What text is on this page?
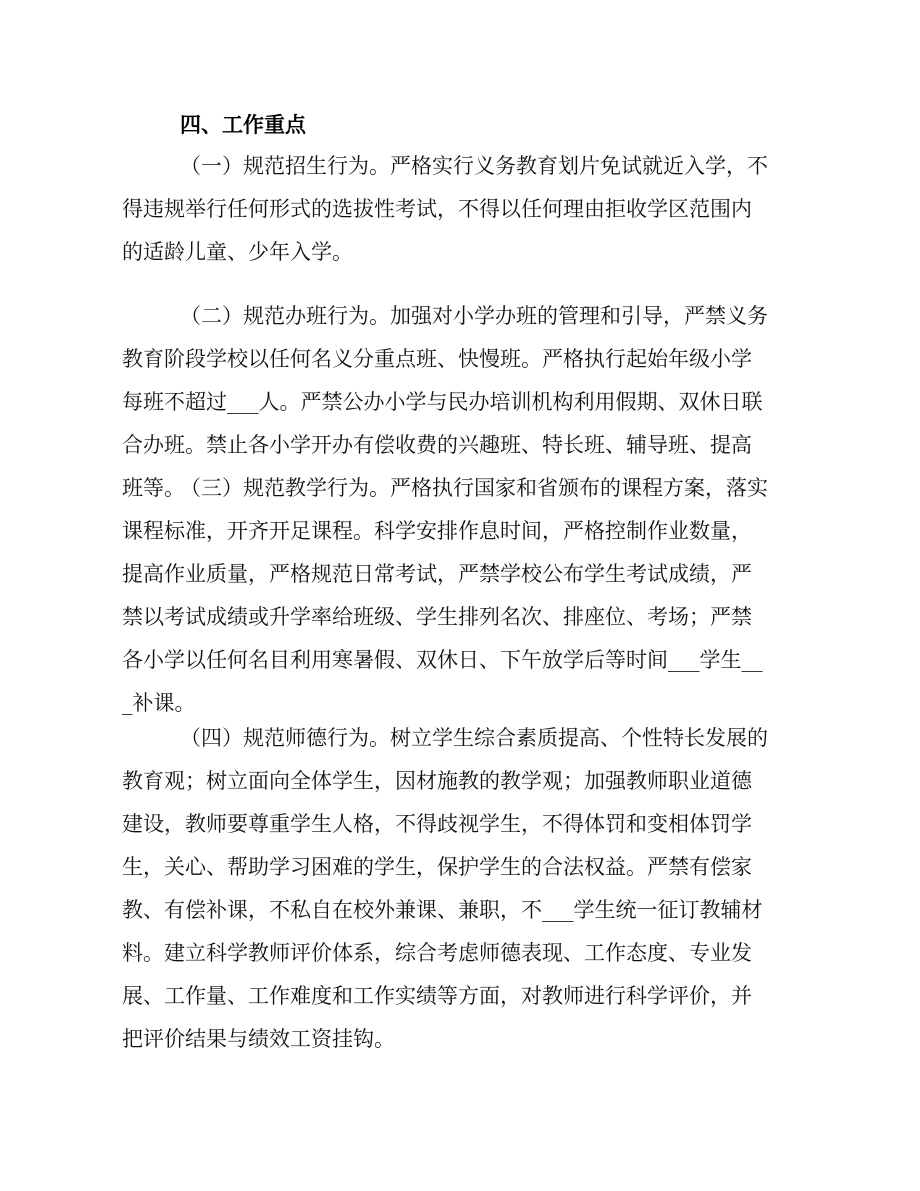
四、工作重点
（一）规范招生行为。严格实行义务教育划片免试就近入学，不
得违规举行任何形式的选拔性考试，不得以任何理由拒收学区范围内
的适龄儿童、少年入学。
（二）规范办班行为。加强对小学办班的管理和引导，严禁义务
教育阶段学校以任何名义分重点班、快慢班。严格执行起始年级小学
每班不超过___人。严禁公办小学与民办培训机构利用假期、双休日联
合办班。禁止各小学开办有偿收费的兴趣班、特长班、辅导班、提高
班等。
（三）规范教学行为。严格执行国家和省颁布的课程方案，落实
课程标准，开齐开足课程。科学安排作息时间，严格控制作业数量，
提高作业质量，严格规范日常考试，严禁学校公布学生考试成绩，严
禁以考试成绩或升学率给班级、学生排列名次、排座位、考场；严禁
各小学以任何名目利用寒暑假、双休日、下午放学后等时间___学生__
_补课。
（四）规范师德行为。树立学生综合素质提高、个性特长发展的
教育观；树立面向全体学生，因材施教的教学观；加强教师职业道德
建设，教师要尊重学生人格，不得歧视学生，不得体罚和变相体罚学
生，关心、帮助学习困难的学生，保护学生的合法权益。严禁有偿家
教、有偿补课，不私自在校外兼课、兼职，不___学生统一征订教辅材
料。建立科学教师评价体系，综合考虑师德表现、工作态度、专业发
展、工作量、工作难度和工作实绩等方面，对教师进行科学评价，并
把评价结果与绩效工资挂钩。
